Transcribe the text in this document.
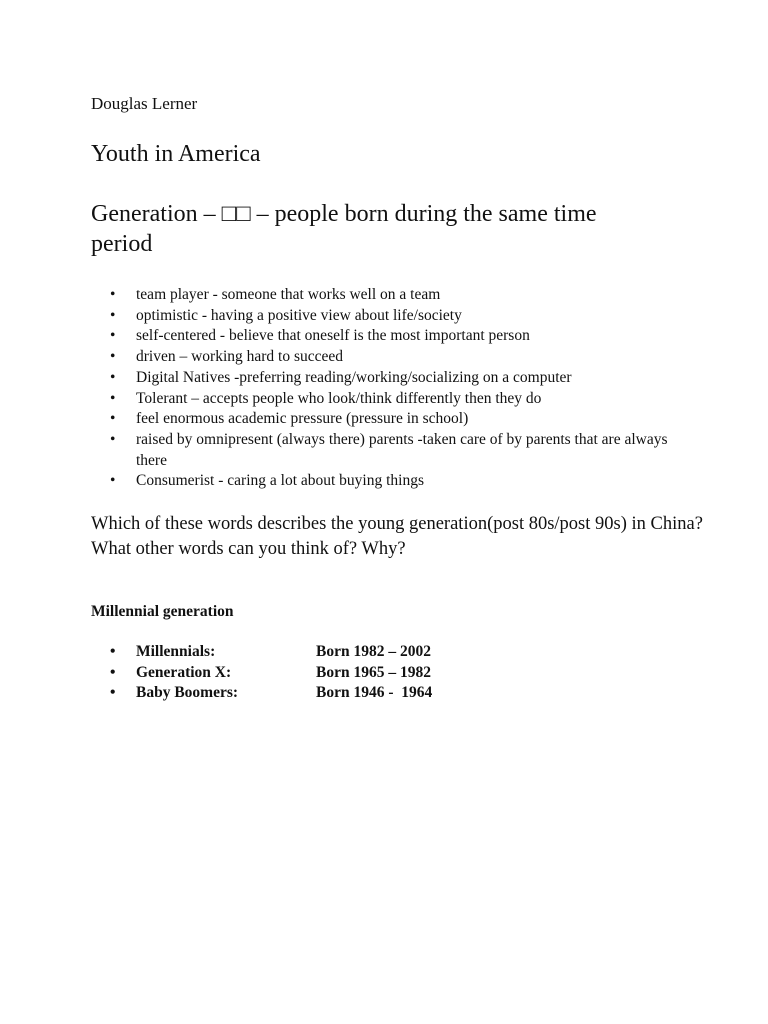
Douglas Lerner

Youth in America

Generation – □□ – people born during the same time period

• team player - someone that works well on a team
• optimistic - having a positive view about life/society
• self-centered - believe that oneself is the most important person
• driven – working hard to succeed
• Digital Natives -preferring reading/working/socializing on a computer
• Tolerant – accepts people who look/think differently then they do
• feel enormous academic pressure (pressure in school)
• raised by omnipresent (always there) parents -taken care of by parents that are always there
• Consumerist - caring a lot about buying things

Which of these words describes the young generation(post 80s/post 90s) in China? What other words can you think of? Why?

Millennial generation

• Millennials:	Born 1982 – 2002
• Generation X:	Born 1965 – 1982
• Baby Boomers:	Born 1946 -  1964
